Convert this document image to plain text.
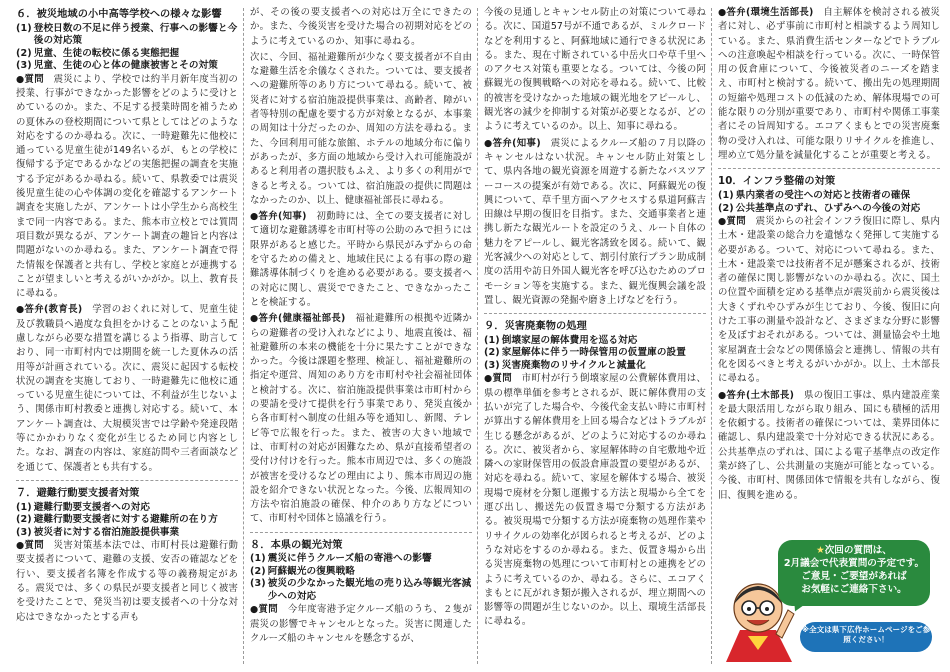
６．被災地域の小中高等学校への様々な影響
(1) 登校日数の不足に伴う授業、行事への影響と今後の対応策
(2) 児童、生徒の転校に係る実態把握
(3) 児童、生徒の心と体の健康被害とその対策

●質問　 震災により、学校では約半月新年度当初の授業、行事ができなかった影響をどのように受けとめているのか。また、不足する授業時間を補うための夏休みの登校期間について県としてはどのような対応をするのか尋ねる。次に、一時避難先に他校に通っている児童生徒が149名いるが、もとの学校に復帰する予定であるかなどの実態把握の調査を実施する予定があるか尋ねる。続いて、県教委では震災後児童生徒の心や体調の変化を確認するアンケート調査を実施したが、アンケートは小学生から高校生まで同一内容である。また、熊本市立校とでは質問項目数が異なるが、アンケート調査の趣旨と内容は問題がないのか尋ねる。また、アンケート調査で得た情報を保護者と共有し、学校と家庭とが連携することが望ましいと考えるがいかがか。以上、教育長に尋ねる。

●答弁(教育長)　 学習のおくれに対して、児童生徒及び教職員へ過度な負担をかけることのないよう配慮しながら必要な措置を講じるよう指導、助言しており、同一市町村内では期間を統一した夏休みの活用等が計画されている。次に、震災に起因する転校状況の調査を実施しており、一時避難先に他校に通っている児童生徒については、不利益が生じないよう、関係市町村教委と連携し対応する。続いて、本アンケート調査は、大規模災害では学齢や発達段階等にかかわりなく変化が生じるため同じ内容とした。なお、調査の内容は、家庭訪問や三者面談などを通じて、保護者とも共有する。

７．避難行動要支援者対策
(1) 避難行動要支援者への対応
(2) 避難行動要支援者に対する避難所の在り方
(3) 被災者に対する宿泊施設提供事業

●質問　 災害対策基本法では、市町村長は避難行動要支援者について、避難の支援、安否の確認などを行い、要支援者名簿を作成する等の義務規定がある。震災では、多くの県民が要支援者と同じく被害を受けたことで、発災当初は要支援者への十分な対応はできなかったとする声も

が、その後の要支援者への対応は万全にできたのか。また、今後災害を受けた場合の初期対応をどのように考えているのか、知事に尋ねる。

次に、今回、福祉避難所が少なく要支援者が不自由な避難生活を余儀なくされた。ついては、要支援者への避難所等のあり方について尋ねる。続いて、被災者に対する宿泊施設提供事業は、高齢者、障がい者等特別の配慮を要する方が対象となるが、本事業の周知は十分だったのか、周知の方法を尋ねる。また、今回利用可能な旅館、ホテルの地域分布に偏りがあったが、多方面の地域から受け入れ可能施設があると利用者の選択肢もふえ、より多くの利用ができると考える。ついては、宿泊施設の提供に問題はなかったのか、以上、健康福祉部長に尋ねる。

●答弁(知事)　 初動時には、全ての要支援者に対して適切な避難誘導を市町村等の公助のみで担うには限界があると感じた。平時から県民がみずからの命を守るための備えと、地域住民による有事の際の避難誘導体制づくりを進める必要がある。要支援者への対応に関し、震災でできたこと、できなかったことを検証する。

●答弁(健康福祉部長)　 福祉避難所の根拠や近隣からの避難者の受け入れなどにより、地震直後は、福祉避難所の本来の機能を十分に果たすことができなかった。今後は課題を整理、検証し、福祉避難所の指定や運営、周知のあり方を市町村や社会福祉団体と検討する。次に、宿泊施設提供事業は市町村からの要請を受けて提供を行う事業であり、発災直後から各市町村へ制度の仕組み等を通知し、新聞、テレビ等で広報を行った。また、被害の大きい地域では、市町村の対応が困難なため、県が直接希望者の受付け付けを行った。熊本市周辺では、多くの施設が被害を受けるなどの理由により、熊本市周辺の施設を紹介できない状況となった。今後、広報周知の方法や宿泊施設の確保、仲介のあり方などについて、市町村や団体と協議を行う。

８．本県の観光対策
(1) 震災に伴うクルーズ船の寄港への影響
(2) 阿蘇観光の復興戦略
(3) 被災の少なかった観光地の売り込み等観光客減少への対応

●質問　 今年度寄港予定クルーズ船のうち、２隻が震災の影響でキャンセルとなった。災害に関連したクルーズ船のキャンセルを懸念するが、

今後の見通しとキャンセル防止の対策について尋ねる。次に、国道57号が不通であるが、ミルクロードなどを利用すると、阿蘇地域に通行できる状況にある。また、現在寸断されている中岳火口や草千里へのアクセス対策も重要となる。ついては、今後の阿蘇観光の復興戦略への対応を尋ねる。続いて、比較的被害を受けなかった地域の観光地をアピールし、観光客の減少を抑制する対策が必要となるが、どのように考えているのか。以上、知事に尋ねる。

●答弁(知事)　 震災によるクルーズ船の７月以降のキャンセルはない状況。キャンセル防止対策として、県内各地の観光資源を周遊する新たなバスツアーコースの提案が有効である。次に、阿蘇観光の復興について、草千里方面へアクセスする県道阿蘇吉田線は早期の復旧を目指す。また、交通事業者と連携し新たな観光ルートを設定のうえ、ルート自体の魅力をアピールし、観光客誘致を図る。続いて、観光客減少への対応として、割引付旅行プラン助成制度の活用や訪日外国人観光客を呼び込むためのプロモーション等を実施する。また、観光復興会議を設置し、観光資源の発掘や磨き上げなどを行う。

９．災害廃棄物の処理
(1) 倒壊家屋の解体費用を巡る対応
(2) 家屋解体に伴う一時保管用の仮置庫の設置
(3) 災害廃棄物のリサイクルと減量化

●質問　 市町村が行う倒壊家屋の公費解体費用は、県の標準単価を参考とされるが、既に解体費用の支払いが完了した場合や、今後代金支払い時に市町村が算出する解体費用を上回る場合などはトラブルが生じる懸念があるが、どのように対応するのか尋ねる。次に、被災者から、家屋解体時の自宅敷地や近隣への家財保管用の仮設倉庫設置の要望があるが、対応を尋ねる。続いて、家屋を解体する場合、被災現場で廃材を分類し運搬する方法と現場から全てを運び出し、搬送先の仮置き場で分類する方法がある。被災現場で分類する方法が廃棄物の処理作業やリサイクルの効率化が図られると考えるが、どのような対応をするのか尋ねる。また、仮置き場から出る災害廃棄物の処理について市町村との連携をどのように考えているのか、尋ねる。さらに、エコアくまもとに瓦がれき類が搬入されるが、埋立期間への影響等の問題が生じないのか。以上、環境生活部長に尋ねる。

●答弁(環境生活部長)　 自主解体を検討される被災者に対し、必ず事前に市町村と相談するよう周知している。また、県消費生活センターなどでトラブルへの注意喚起や相談を行っている。次に、一時保管用の仮倉庫について、今後被災者のニーズを踏まえ、市町村と検討する。続いて、搬出先の処理期間の短縮や処理コストの低減のため、解体現場での可能な限りの分別が重要であり、市町村や関係工事業者にその旨周知する。エコアくまもとでの災害廃棄物の受け入れは、可能な限りリサイクルを推進し、埋め立て処分量を減量化することが重要と考える。

10．インフラ整備の対策
(1) 県内業者の受注への対応と技術者の確保
(2) 公共基準点のずれ、ひずみへの今後の対応

●質問　 震災からの社会インフラ復旧に際し、県内土木・建設業の総合力を遺憾なく発揮して実施する必要がある。ついて、対応について尋ねる。また、土木・建設業では技術者不足が懸案されるが、技術者の確保に関し影響がないのか尋ねる。次に、国土の位置や面積を定める基準点が震災前から震災後は大きくずれやひずみが生じており、今後、復旧に向けた工事の測量や設計など、さまざまな分野に影響を及ぼすおそれがある。ついては、測量協会や土地家屋調査士会などの関係協会と連携し、情報の共有化を図るべきと考えるがいかがか。以上、土木部長に尋ねる。

●答弁(土木部長)　 県の復旧工事は、県内建設産業を最大限活用しながら取り組み、国にも積極的活用を依頼する。技術者の確保については、業界団体に確認し、県内建設業で十分対応できる状況にある。公共基準点のずれは、国による電子基準点の改定作業が終了し、公共測量の実施が可能となっている。今後、市町村、関係団体で情報を共有しながら、復旧、復興を進める。

★次回の質問は、
2月議会で代表質問の予定です。
ご意見・ご要望があれば
お気軽にご連絡下さい。
※全文は県下広作ホームページをご参照ください！
